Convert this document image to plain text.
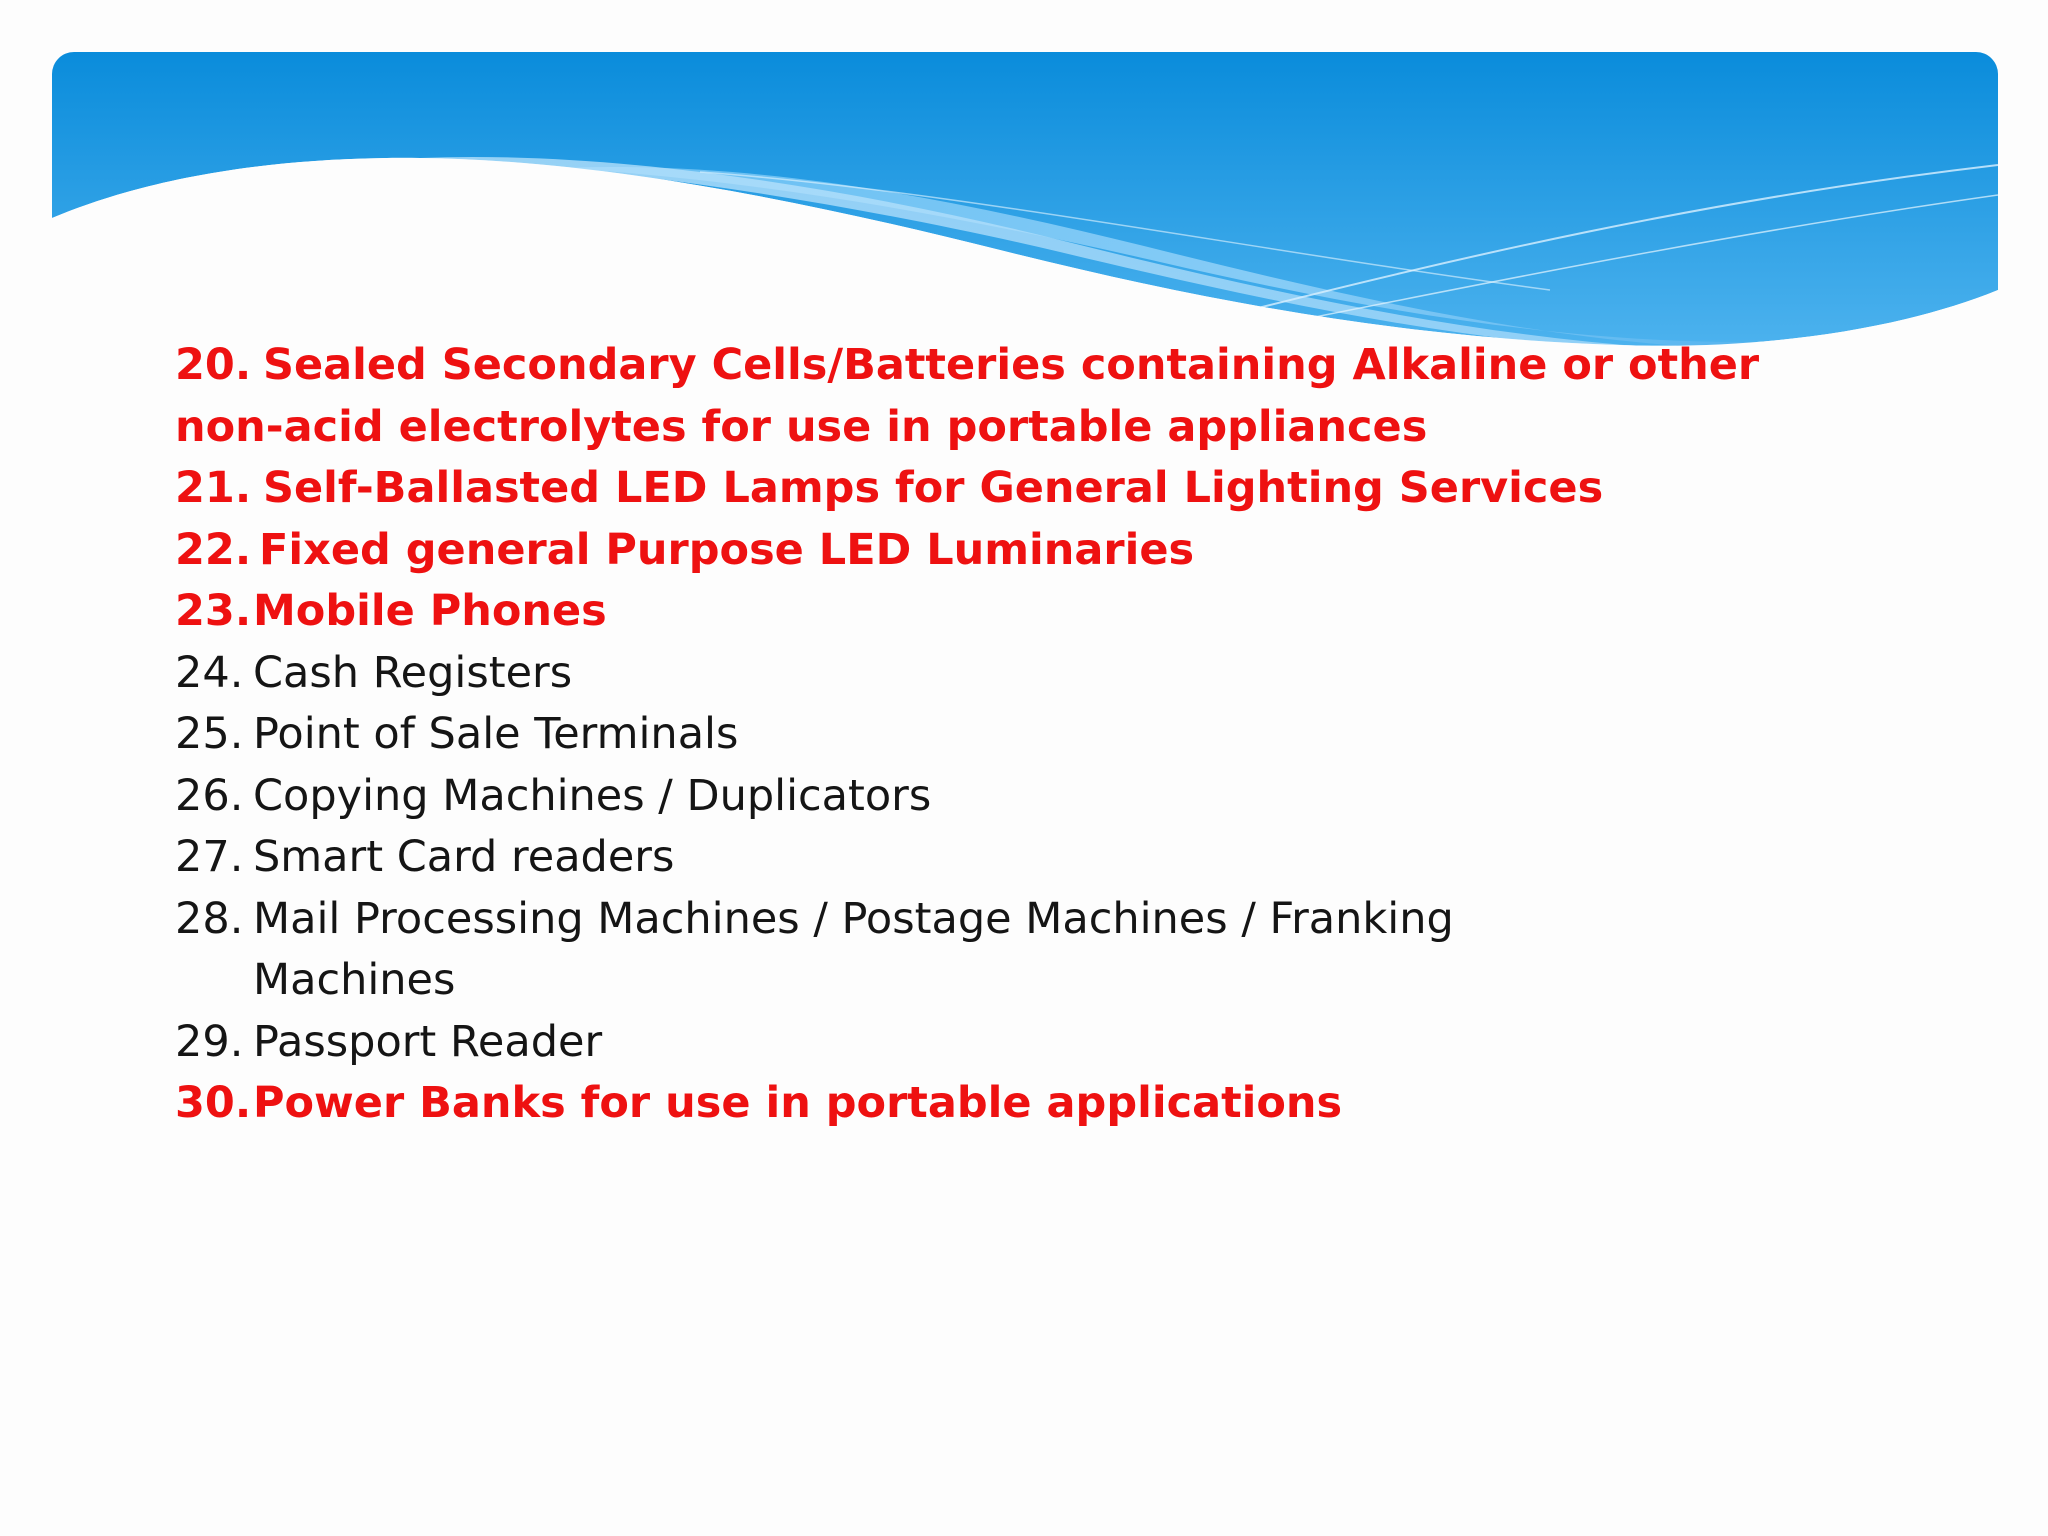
20. Sealed Secondary Cells/Batteries containing Alkaline or other
non-acid electrolytes for use in portable appliances
21. Self-Ballasted LED Lamps for General Lighting Services
22. Fixed general Purpose LED Luminaries
23. Mobile Phones
24. Cash Registers
25. Point of Sale Terminals
26. Copying Machines / Duplicators
27. Smart Card readers
28. Mail Processing Machines / Postage Machines / Franking
Machines
29. Passport Reader
30. Power Banks for use in portable applications
